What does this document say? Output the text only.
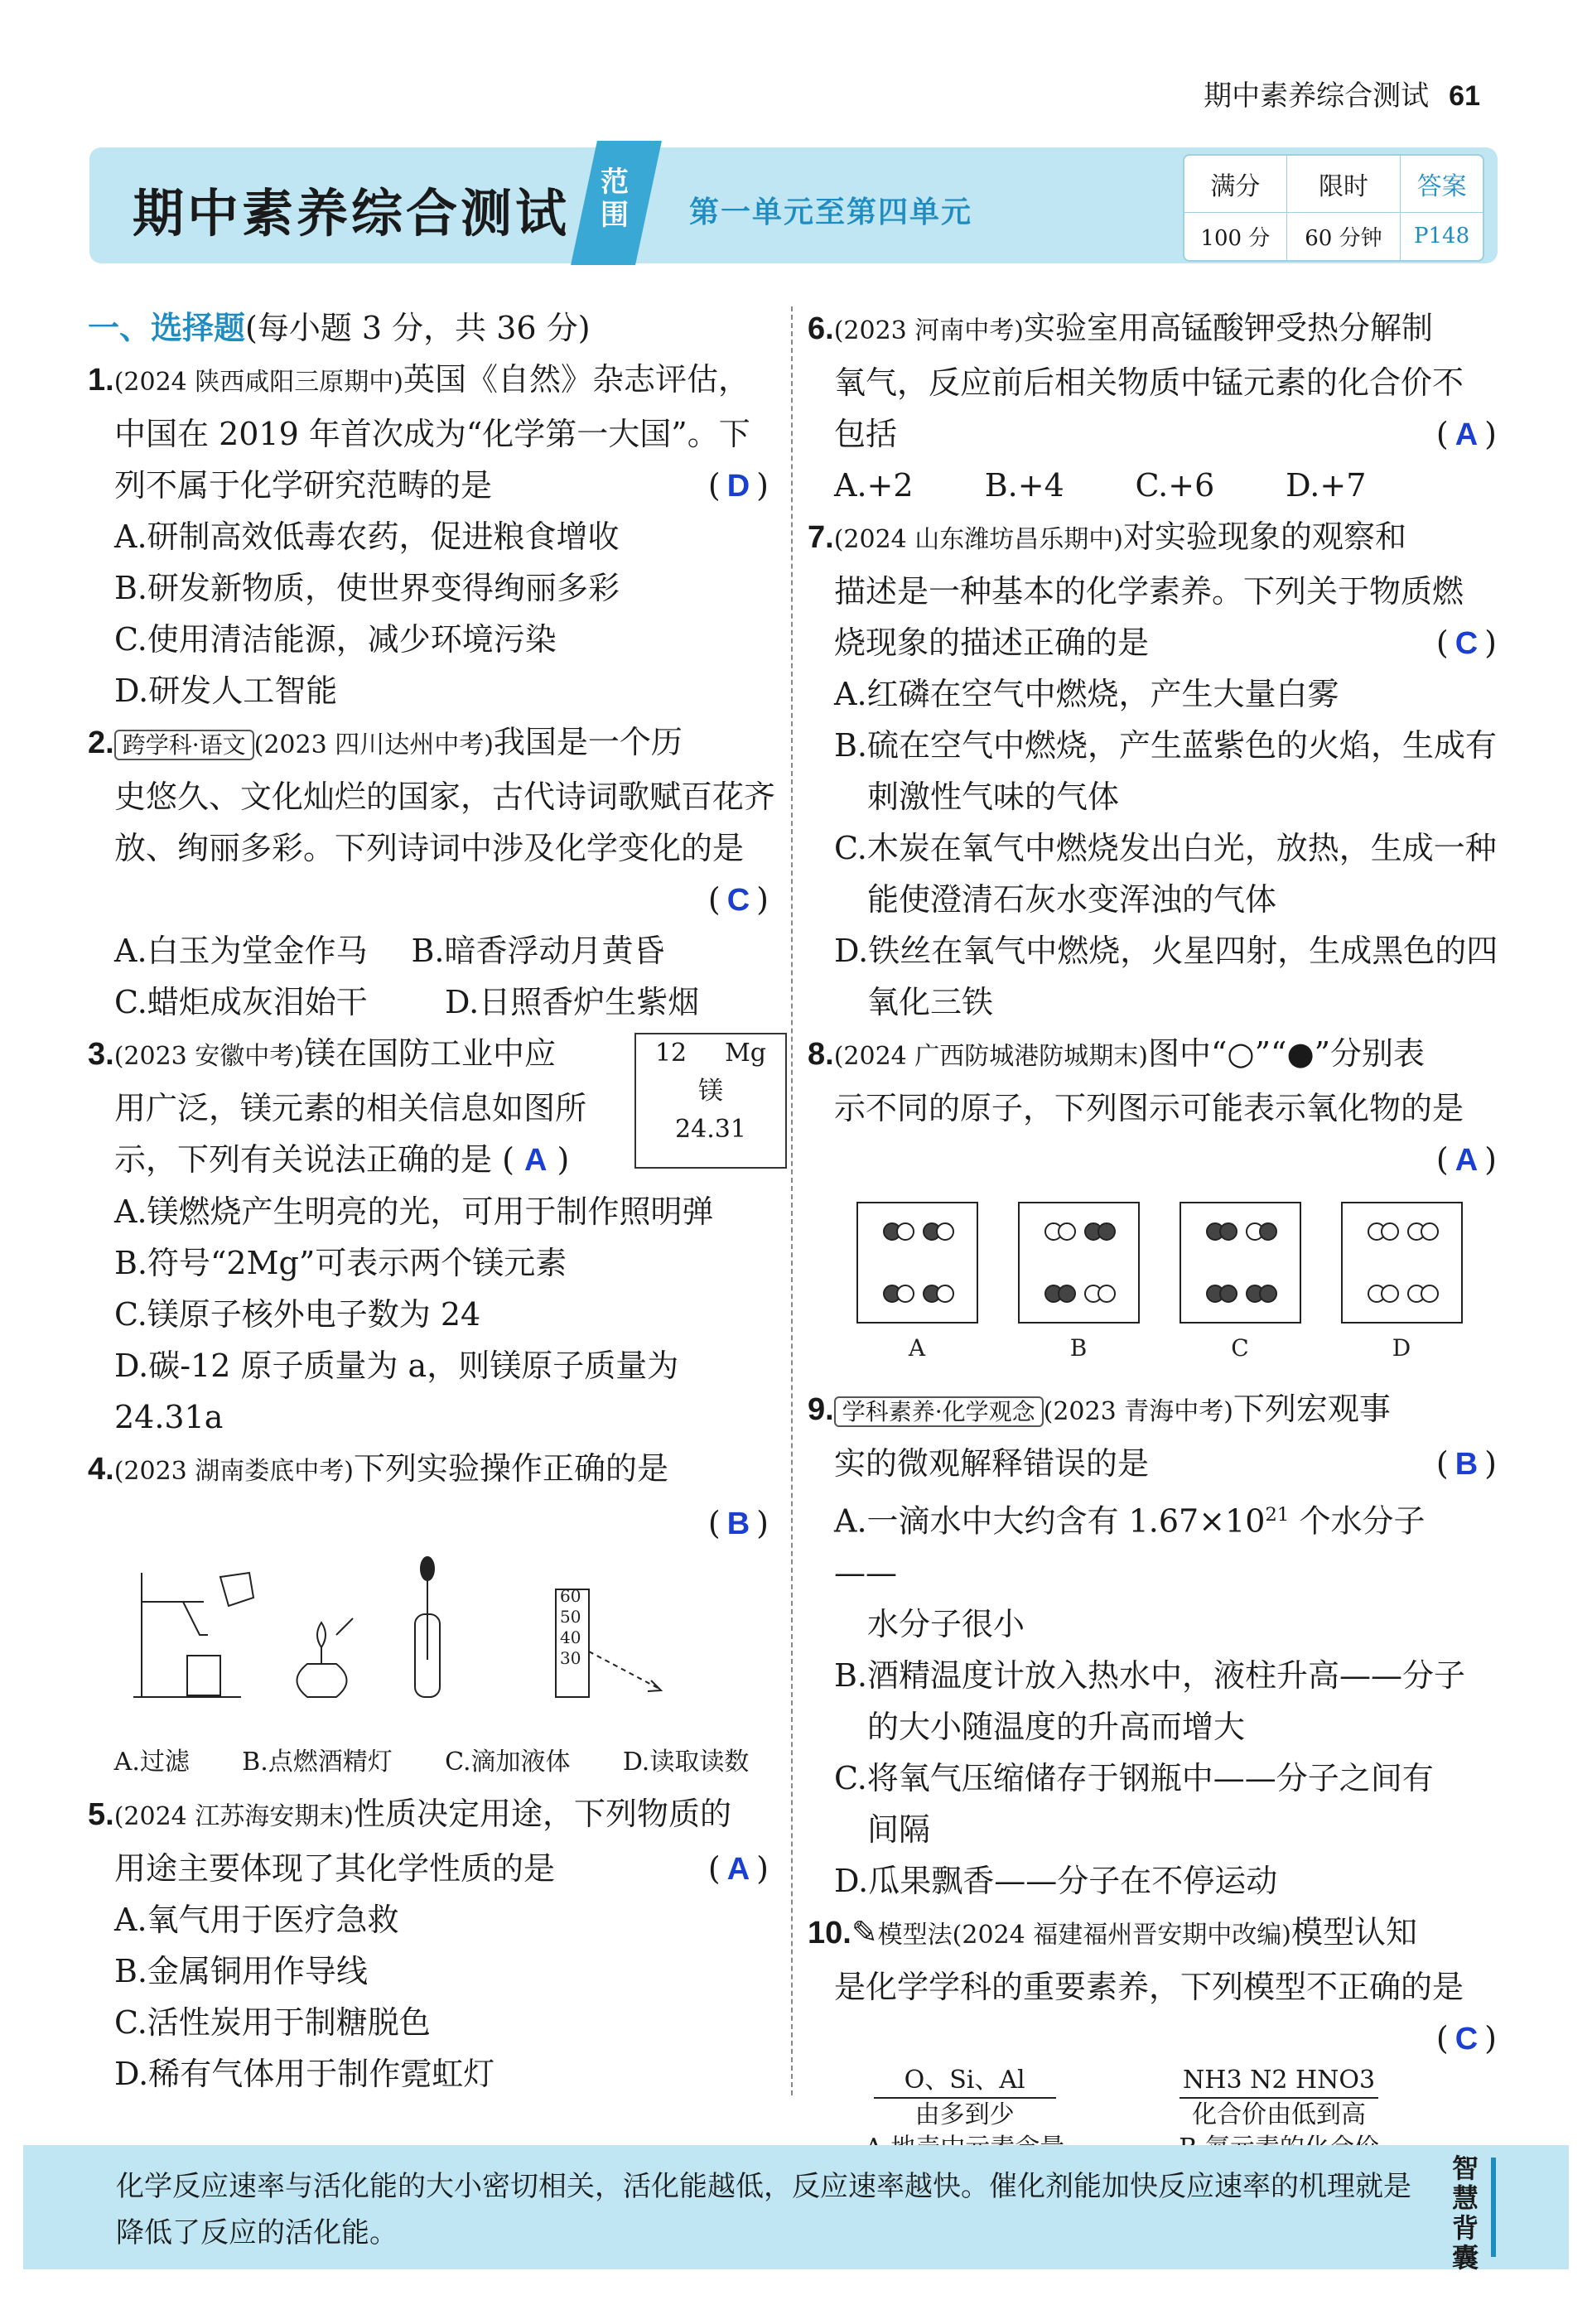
期中素养综合测试 61
期中素养综合测试
范围 第一单元至第四单元
满分	限时	答案
100 分	60 分钟	P148
一、选择题(每小题 3 分，共 36 分)
1.(2024 陕西咸阳三原期中)英国《自然》杂志评估，
中国在 2019 年首次成为“化学第一大国”。下
列不属于化学研究范畴的是	(D)
A.研制高效低毒农药，促进粮食增收
B.研发新物质，使世界变得绚丽多彩
C.使用清洁能源，减少环境污染
D.研发人工智能
2. 跨学科·语文 (2023 四川达州中考)我国是一个历
史悠久、文化灿烂的国家，古代诗词歌赋百花齐
放、绚丽多彩。下列诗词中涉及化学变化的是
(C)

A.白玉为堂金作马	B.暗香浮动月黄昏
C.蜡炬成灰泪始干	D.日照香炉生紫烟
12 Mg
镁
24.31
3.(2023 安徽中考)镁在国防工业中应
用广泛，镁元素的相关信息如图所
示，下列有关说法正确的是 ( A )
A.镁燃烧产生明亮的光，可用于制作照明弹
B.符号“2Mg”可表示两个镁元素
C.镁原子核外电子数为 24
D.碳-12 原子质量为 a，则镁原子质量为 24.31a
4.(2023 湖南娄底中考)下列实验操作正确的是
(B)

60
50
40
30
A.过滤 B.点燃酒精灯 C.滴加液体 D.读取读数
5.(2024 江苏海安期末)性质决定用途，下列物质的
用途主要体现了其化学性质的是	(A)
A.氧气用于医疗急救
B.金属铜用作导线
C.活性炭用于制糖脱色
D.稀有气体用于制作霓虹灯
6.(2023 河南中考)实验室用高锰酸钾受热分解制
氧气，反应前后相关物质中锰元素的化合价不
包括	(A)
A.+2	B.+4	C.+6	D.+7
7.(2024 山东潍坊昌乐期中)对实验现象的观察和
描述是一种基本的化学素养。下列关于物质燃
烧现象的描述正确的是	(C)
A.红磷在空气中燃烧，产生大量白雾
B.硫在空气中燃烧，产生蓝紫色的火焰，生成有
刺激性气味的气体
C.木炭在氧气中燃烧发出白光，放热，生成一种
能使澄清石灰水变浑浊的气体
D.铁丝在氧气中燃烧，火星四射，生成黑色的四
氧化三铁
8.(2024 广西防城港防城期末)图中“○”“●”分别表
示不同的原子，下列图示可能表示氧化物的是
(A)

A	B	C	D
9. 学科素养·化学观念 (2023 青海中考)下列宏观事
实的微观解释错误的是	(B)
A.一滴水中大约含有 $1.67\times 10^{21}$ 个水分子——
水分子很小
B.酒精温度计放入热水中，液柱升高——分子
的大小随温度的升高而增大
C.将氧气压缩储存于钢瓶中——分子之间有
间隔
D.瓜果飘香——分子在不停运动
10.✎模型法(2024 福建福州晋安期中改编)模型认知
是化学学科的重要素养，下列模型不正确的是
(C)

O、Si、Al
由多到少
NH3 N2 HNO3
化合价由低到高
化学反应速率与活化能的大小密切相关，活化能越低，反应速率越快。催化剂能加快反应速率的机理就是降低了反应的活化能。
智慧背囊
